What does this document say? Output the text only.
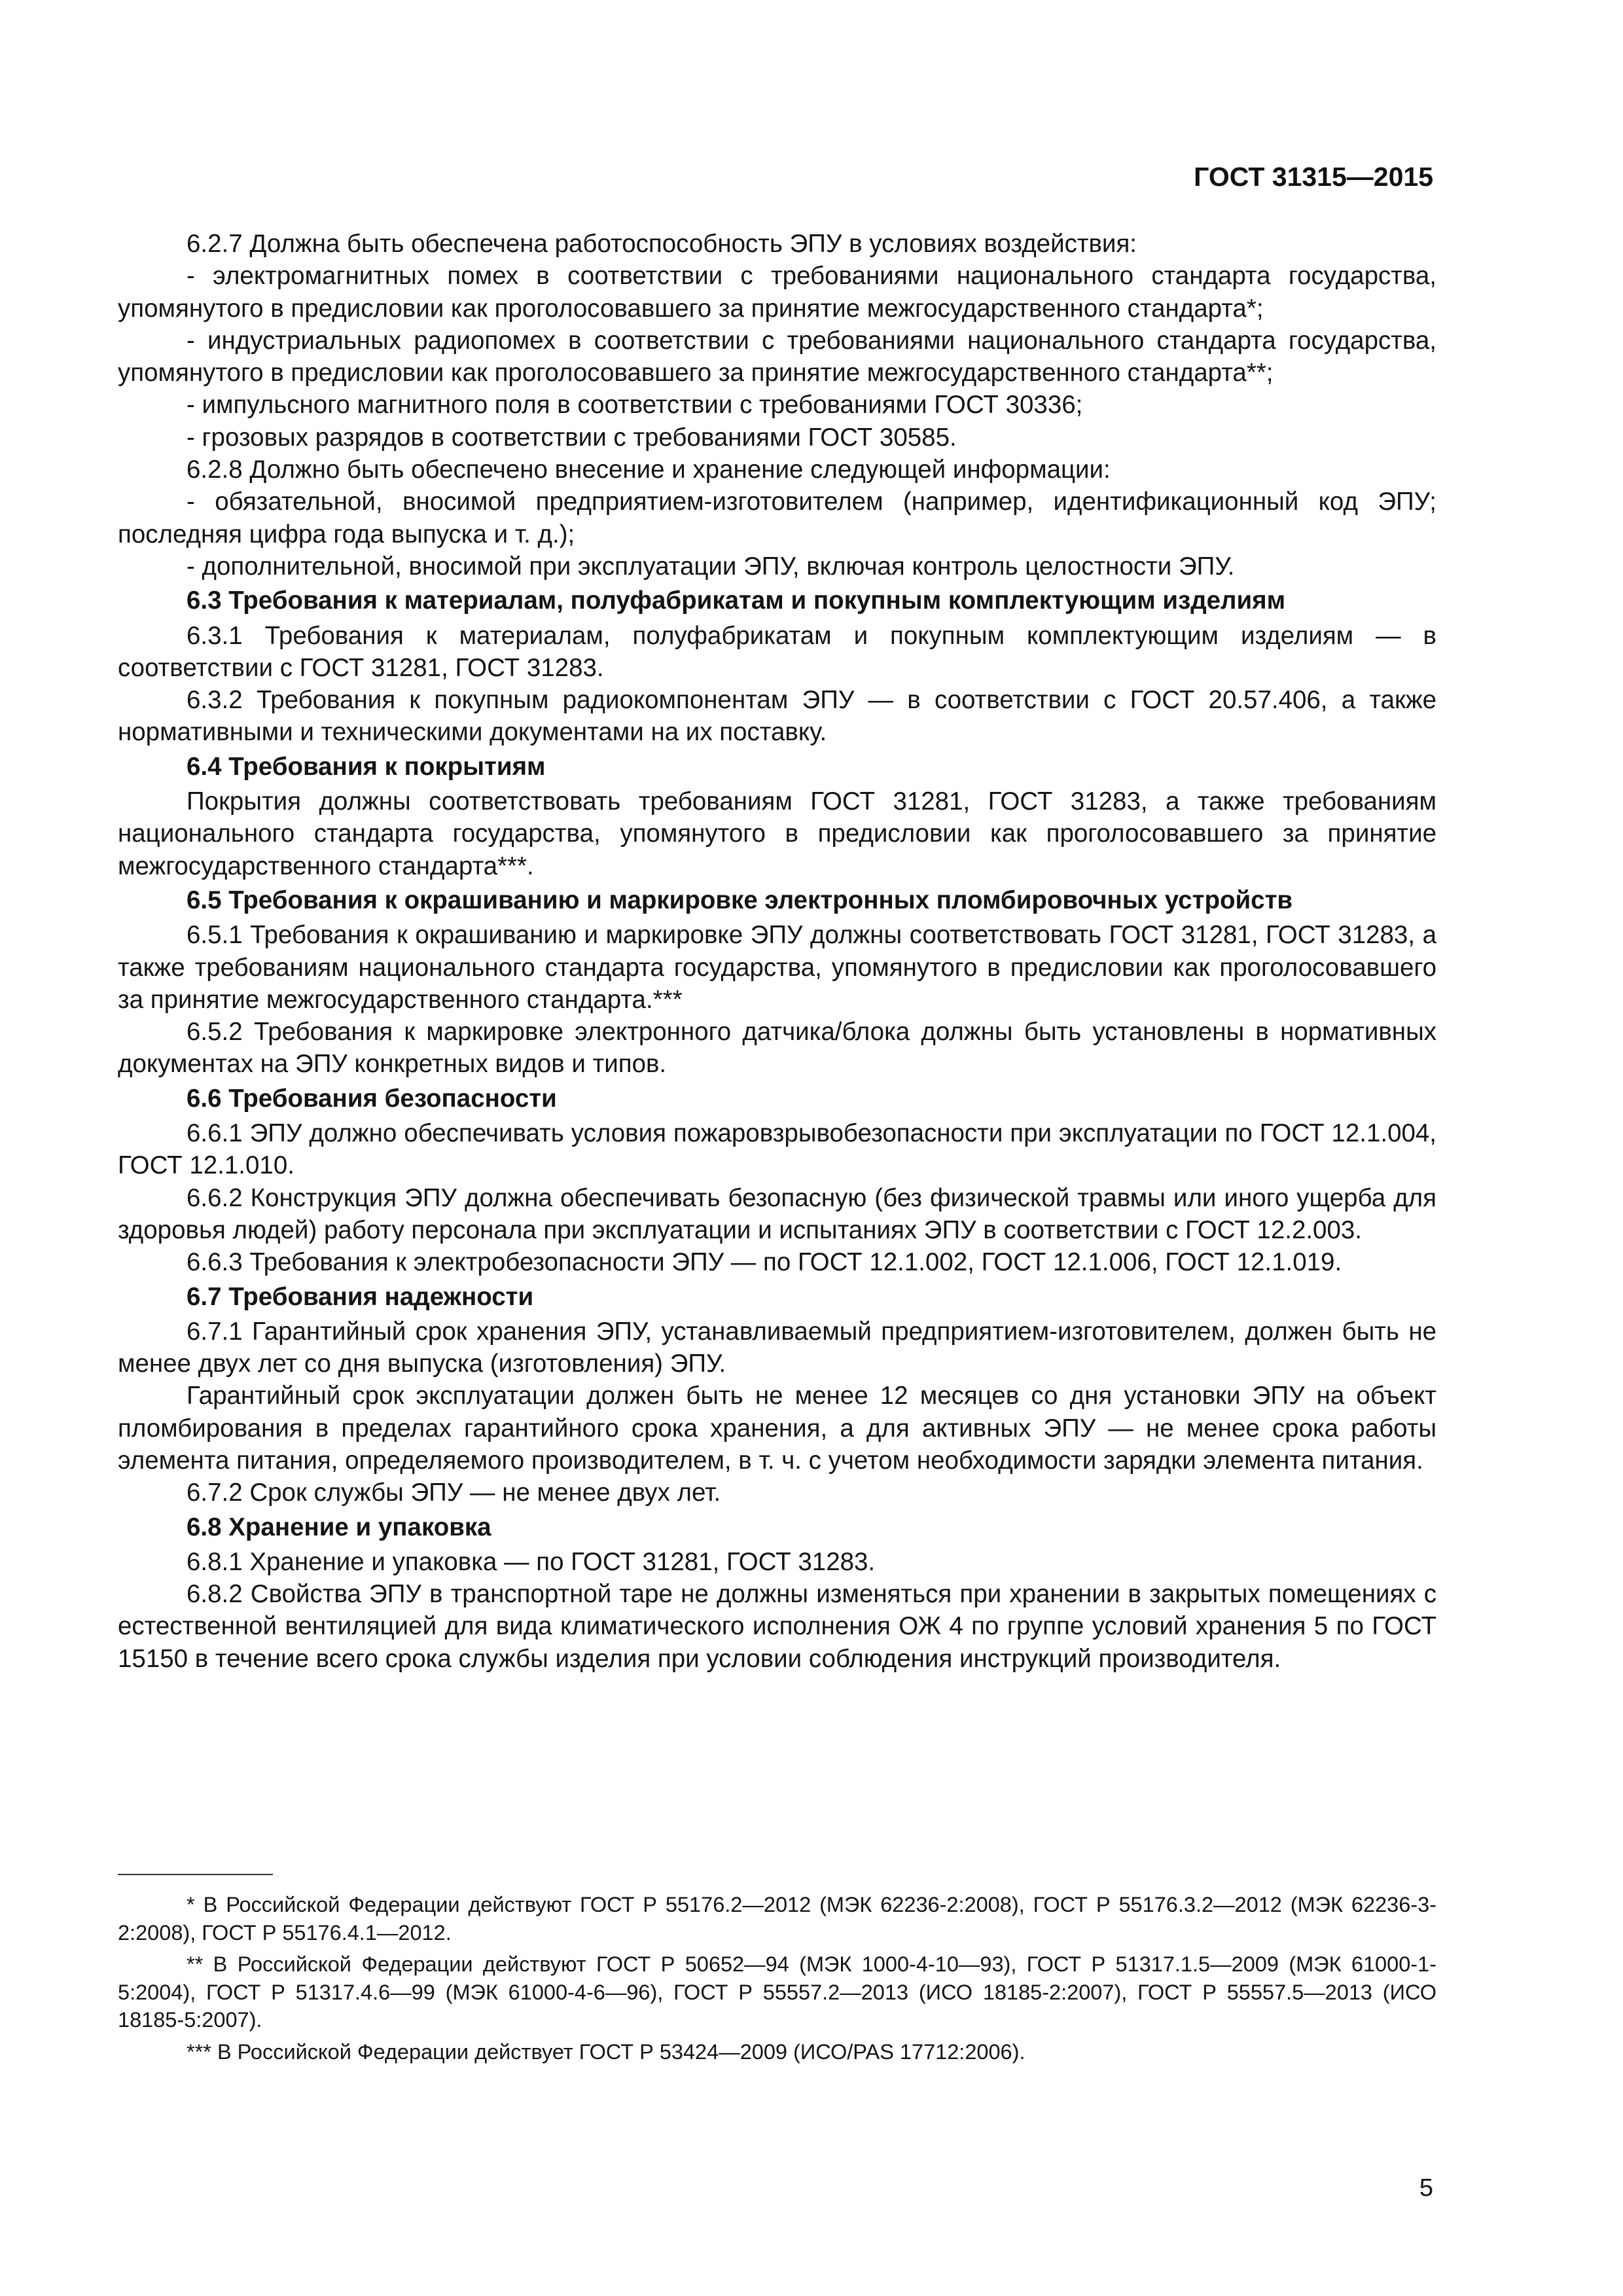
ГОСТ 31315—2015

6.2.7 Должна быть обеспечена работоспособность ЭПУ в условиях воздействия:

- электромагнитных помех в соответствии с требованиями национального стандарта государства, упомянутого в предисловии как проголосовавшего за принятие межгосударственного стандарта*;

- индустриальных радиопомех в соответствии с требованиями национального стандарта государства, упомянутого в предисловии как проголосовавшего за принятие межгосударственного стандарта**;

- импульсного магнитного поля в соответствии с требованиями ГОСТ 30336;

- грозовых разрядов в соответствии с требованиями ГОСТ 30585.

6.2.8 Должно быть обеспечено внесение и хранение следующей информации:

- обязательной, вносимой предприятием-изготовителем (например, идентификационный код ЭПУ; последняя цифра года выпуска и т. д.);

- дополнительной, вносимой при эксплуатации ЭПУ, включая контроль целостности ЭПУ.

6.3 Требования к материалам, полуфабрикатам и покупным комплектующим изделиям

6.3.1 Требования к материалам, полуфабрикатам и покупным комплектующим изделиям — в соответствии с ГОСТ 31281, ГОСТ 31283.

6.3.2 Требования к покупным радиокомпонентам ЭПУ — в соответствии с ГОСТ 20.57.406, а также нормативными и техническими документами на их поставку.

6.4 Требования к покрытиям

Покрытия должны соответствовать требованиям ГОСТ 31281, ГОСТ 31283, а также требованиям национального стандарта государства, упомянутого в предисловии как проголосовавшего за принятие межгосударственного стандарта***.

6.5 Требования к окрашиванию и маркировке электронных пломбировочных устройств

6.5.1 Требования к окрашиванию и маркировке ЭПУ должны соответствовать ГОСТ 31281, ГОСТ 31283, а также требованиям национального стандарта государства, упомянутого в предисловии как проголосовавшего за принятие межгосударственного стандарта.***

6.5.2 Требования к маркировке электронного датчика/блока должны быть установлены в нормативных документах на ЭПУ конкретных видов и типов.

6.6 Требования безопасности

6.6.1 ЭПУ должно обеспечивать условия пожаровзрывобезопасности при эксплуатации по ГОСТ 12.1.004, ГОСТ 12.1.010.

6.6.2 Конструкция ЭПУ должна обеспечивать безопасную (без физической травмы или иного ущерба для здоровья людей) работу персонала при эксплуатации и испытаниях ЭПУ в соответствии с ГОСТ 12.2.003.

6.6.3 Требования к электробезопасности ЭПУ — по ГОСТ 12.1.002, ГОСТ 12.1.006, ГОСТ 12.1.019.

6.7 Требования надежности

6.7.1 Гарантийный срок хранения ЭПУ, устанавливаемый предприятием-изготовителем, должен быть не менее двух лет со дня выпуска (изготовления) ЭПУ.

Гарантийный срок эксплуатации должен быть не менее 12 месяцев со дня установки ЭПУ на объект пломбирования в пределах гарантийного срока хранения, а для активных ЭПУ — не менее срока работы элемента питания, определяемого производителем, в т. ч. с учетом необходимости зарядки элемента питания.

6.7.2 Срок службы ЭПУ — не менее двух лет.

6.8 Хранение и упаковка

6.8.1 Хранение и упаковка — по ГОСТ 31281, ГОСТ 31283.

6.8.2 Свойства ЭПУ в транспортной таре не должны изменяться при хранении в закрытых помещениях с естественной вентиляцией для вида климатического исполнения ОЖ 4 по группе условий хранения 5 по ГОСТ 15150 в течение всего срока службы изделия при условии соблюдения инструкций производителя.

* В Российской Федерации действуют ГОСТ Р 55176.2—2012 (МЭК 62236-2:2008), ГОСТ Р 55176.3.2—2012 (МЭК 62236-3-2:2008), ГОСТ Р 55176.4.1—2012.

** В Российской Федерации действуют ГОСТ Р 50652—94 (МЭК 1000-4-10—93), ГОСТ Р 51317.1.5—2009 (МЭК 61000-1-5:2004), ГОСТ Р 51317.4.6—99 (МЭК 61000-4-6—96), ГОСТ Р 55557.2—2013 (ИСО 18185-2:2007), ГОСТ Р 55557.5—2013 (ИСО 18185-5:2007).

*** В Российской Федерации действует ГОСТ Р 53424—2009 (ИСО/PAS 17712:2006).

5
